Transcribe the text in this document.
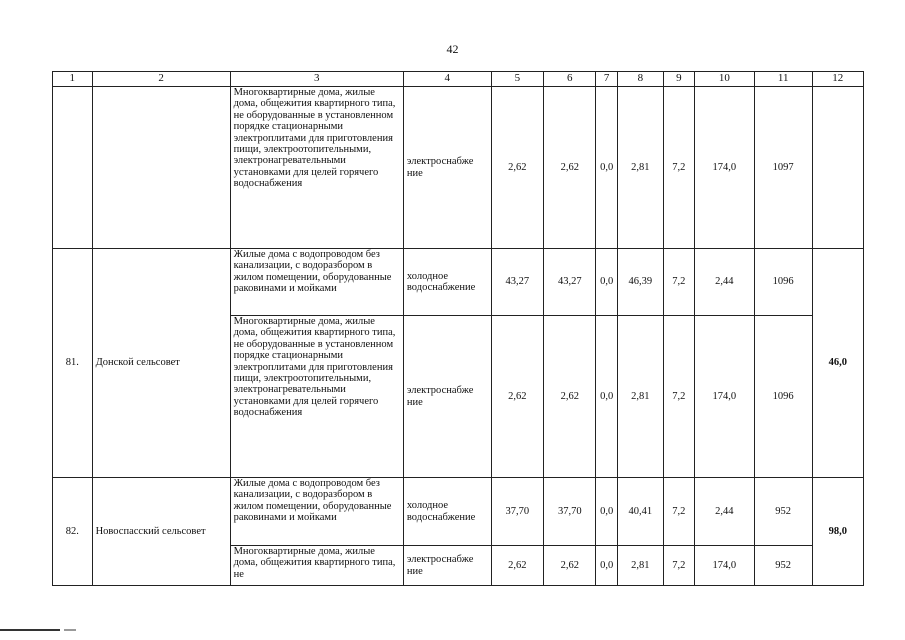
42
1	2	3	4	5	6	7	8	9	10	11	12
		Многоквартирные дома, жилые дома, общежития квартирного типа, не оборудованные в установленном порядке стационарными электроплитами для приготовления пищи, электроотопительными, электронагревательными установками для целей горячего водоснабжения	электроснабже ние	2,62	2,62	0,0	2,81	7,2	174,0	1097	
81.	Донской сельсовет	Жилые дома с водопроводом без канализации, с водоразбором в жилом помещении, оборудованные раковинами и мойками	холодное водоснабжение	43,27	43,27	0,0	46,39	7,2	2,44	1096	46,0
		Многоквартирные дома, жилые дома, общежития квартирного типа, не оборудованные в установленном порядке стационарными электроплитами для приготовления пищи, электроотопительными, электронагревательными установками для целей горячего водоснабжения	электроснабже ние	2,62	2,62	0,0	2,81	7,2	174,0	1096	
82.	Новоспасский сельсовет	Жилые дома с водопроводом без канализации, с водоразбором в жилом помещении, оборудованные раковинами и мойками	холодное водоснабжение	37,70	37,70	0,0	40,41	7,2	2,44	952	98,0
		Многоквартирные дома, жилые дома, общежития квартирного типа, не	электроснабже ние	2,62	2,62	0,0	2,81	7,2	174,0	952	
